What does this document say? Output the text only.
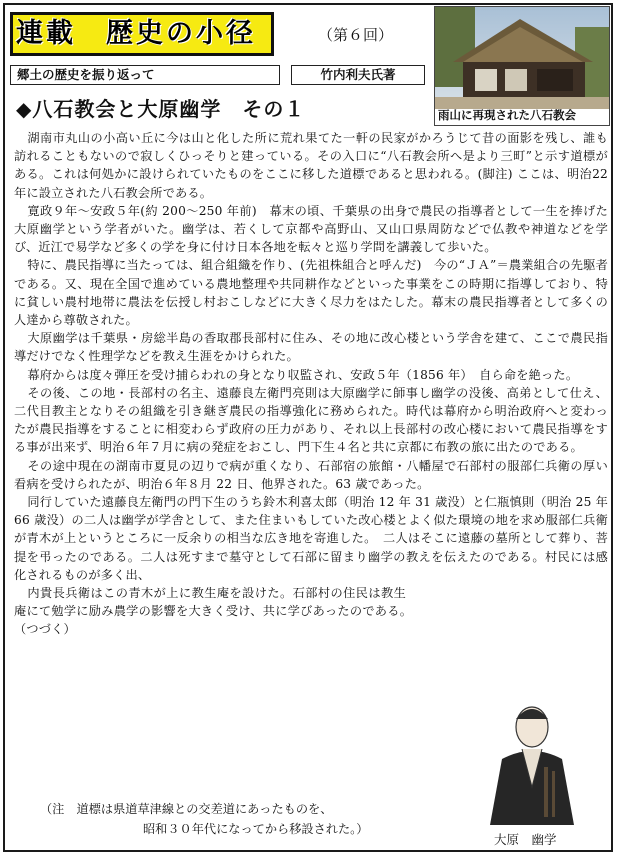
連載　歴史の小径	（第６回）
郷土の歴史を振り返って	竹内利夫氏著
雨山に再現された八石教会
◆八石教会と大原幽学　その１

湖南市丸山の小高い丘に今は山と化した所に荒れ果てた一軒の民家がかろうじて昔の面影を残し、誰も訪れることもないので寂しくひっそりと建っている。その入口に“八石教会所へ是より三町”と示す道標がある。これは何処かに設けられていたものをここに移した道標であると思われる。(脚注) ここは、明治22年に設立された八石教会所である。

寛政９年～安政５年(約 200～250 年前)　幕末の頃、千葉県の出身で農民の指導者として一生を捧げた大原幽学という学者がいた。幽学は、若くして京都や高野山、又山口県周防などで仏教や神道などを学び、近江で易学など多くの学を身に付け日本各地を転々と巡り学問を講義して歩いた。

特に、農民指導に当たっては、組合組織を作り、(先祖株組合と呼んだ)　今の“ＪＡ”＝農業組合の先駆者である。又、現在全国で進めている農地整理や共同耕作などといった事業をこの時期に指導しており、特に貧しい農村地帯に農法を伝授し村おこしなどに大きく尽力をはたした。幕末の農民指導者として多くの人達から尊敬された。

大原幽学は千葉県・房総半島の香取郡長部村に住み、その地に改心楼という学舎を建て、ここで農民指導だけでなく性理学などを教え生涯をかけられた。

幕府からは度々弾圧を受け捕らわれの身となり収監され、安政５年（1856 年）　自ら命を絶った。

その後、この地・長部村の名主、遠藤良左衛門亮則は大原幽学に師事し幽学の没後、高弟として仕え、二代目教主となりその組織を引き継ぎ農民の指導強化に務められた。時代は幕府から明治政府へと変わったが農民指導をすることに相変わらず政府の圧力があり、それ以上長部村の改心楼において農民指導をする事が出来ず、明治６年７月に病の発症をおこし、門下生４名と共に京都に布教の旅に出たのである。

その途中現在の湖南市夏見の辺りで病が重くなり、石部宿の旅館・八幡屋で石部村の服部仁兵衛の厚い看病を受けられたが、明治６年８月 22 日、他界された。63 歳であった。

同行していた遠藤良左衛門の門下生のうち鈴木利喜太郎（明治 12 年 31 歳没）と仁瓶慎則（明治 25 年 66 歳没）の二人は幽学が学舎として、また住まいもしていた改心楼とよく似た環境の地を求め服部仁兵衛が青木が上というところに一反余りの相当な広き地を寄進した。　二人はそこに遠藤の墓所として葬り、菩提を弔ったのである。二人は死すまで墓守として石部に留まり幽学の教えを伝えたのである。村民には感化されるものが多く出、

内貴長兵衛はこの青木が上に教生庵を設けた。石部村の住民は教生庵にて勉学に励み農学の影響を大きく受け、共に学びあったのである。　　（つづく）

（注　道標は県道草津線との交差道にあったものを、
昭和３０年代になってから移設された。）
大原　幽学
